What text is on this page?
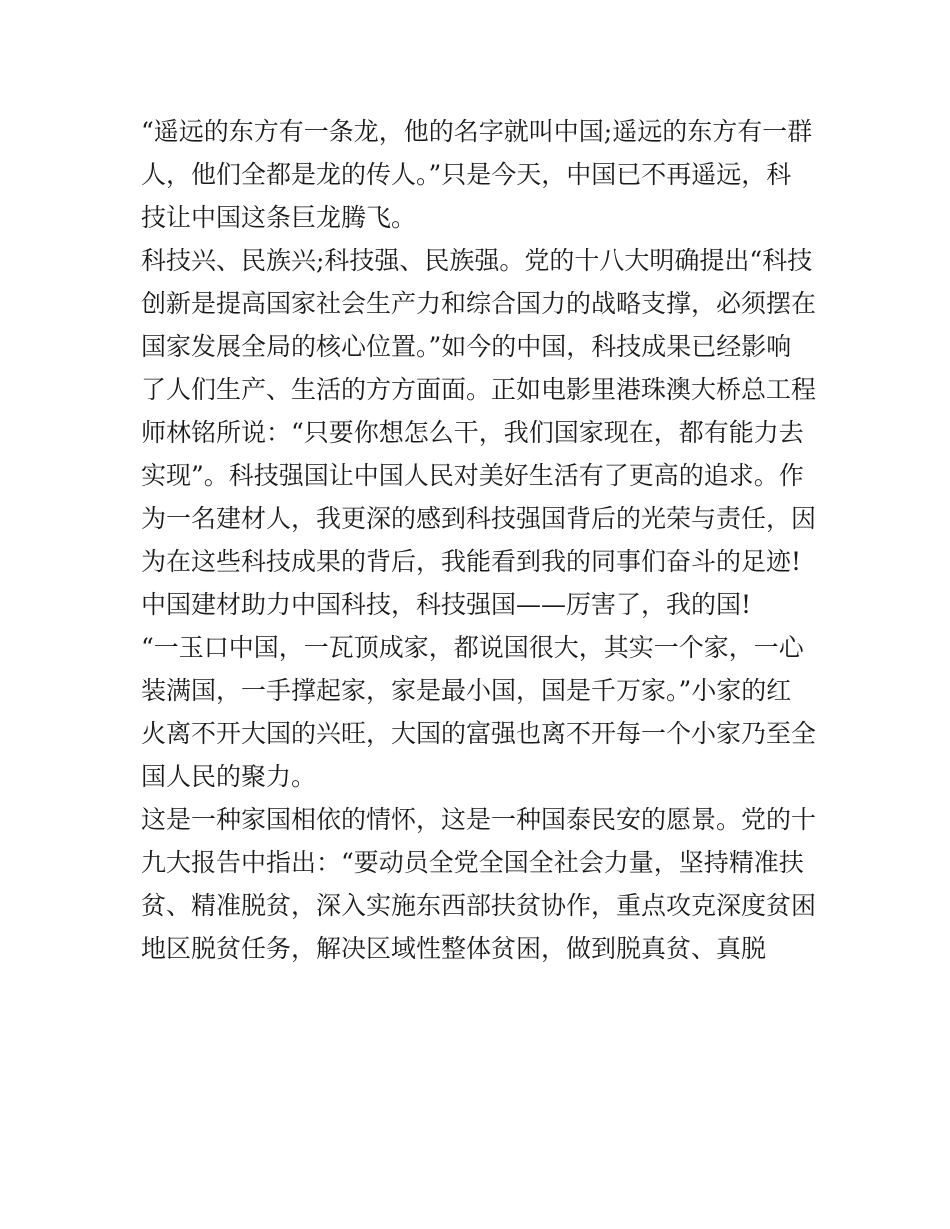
“遥远的东方有一条龙，他的名字就叫中国;遥远的东方有一群
人，他们全都是龙的传人。”只是今天，中国已不再遥远，科
技让中国这条巨龙腾飞。

科技兴、民族兴;科技强、民族强。党的十八大明确提出“科技
创新是提高国家社会生产力和综合国力的战略支撑，必须摆在
国家发展全局的核心位置。”如今的中国，科技成果已经影响
了人们生产、生活的方方面面。正如电影里港珠澳大桥总工程
师林铭所说：“只要你想怎么干，我们国家现在，都有能力去
实现”。科技强国让中国人民对美好生活有了更高的追求。作
为一名建材人，我更深的感到科技强国背后的光荣与责任，因
为在这些科技成果的背后，我能看到我的同事们奋斗的足迹!
中国建材助力中国科技，科技强国——厉害了，我的国!

“一玉口中国，一瓦顶成家，都说国很大，其实一个家，一心
装满国，一手撑起家，家是最小国，国是千万家。”小家的红
火离不开大国的兴旺，大国的富强也离不开每一个小家乃至全
国人民的聚力。

这是一种家国相依的情怀，这是一种国泰民安的愿景。党的十
九大报告中指出：“要动员全党全国全社会力量，坚持精准扶
贫、精准脱贫，深入实施东西部扶贫协作，重点攻克深度贫困
地区脱贫任务，解决区域性整体贫困，做到脱真贫、真脱
